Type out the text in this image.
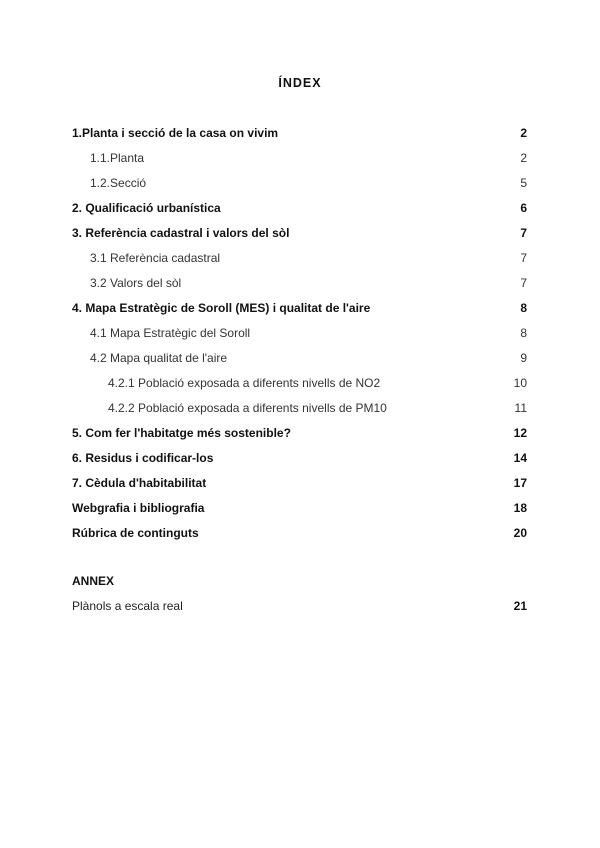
ÍNDEX
1.Planta i secció de la casa on vivim	2
1.1.Planta	2
1.2.Secció	5
2. Qualificació urbanística	6
3. Referència cadastral i valors del sòl	7
3.1 Referència cadastral	7
3.2 Valors del sòl	7
4. Mapa Estratègic de Soroll (MES) i qualitat de l'aire	8
4.1 Mapa Estratègic del Soroll	8
4.2 Mapa qualitat de l'aire	9
4.2.1 Població exposada a diferents nivells de NO2	10
4.2.2 Població exposada a diferents nivells de PM10	11
5. Com fer l'habitatge més sostenible?	12
6. Residus i codificar-los	14
7. Cèdula d'habitabilitat	17
Webgrafia i bibliografia	18
Rúbrica de continguts	20
ANNEX
Plànols a escala real	21
